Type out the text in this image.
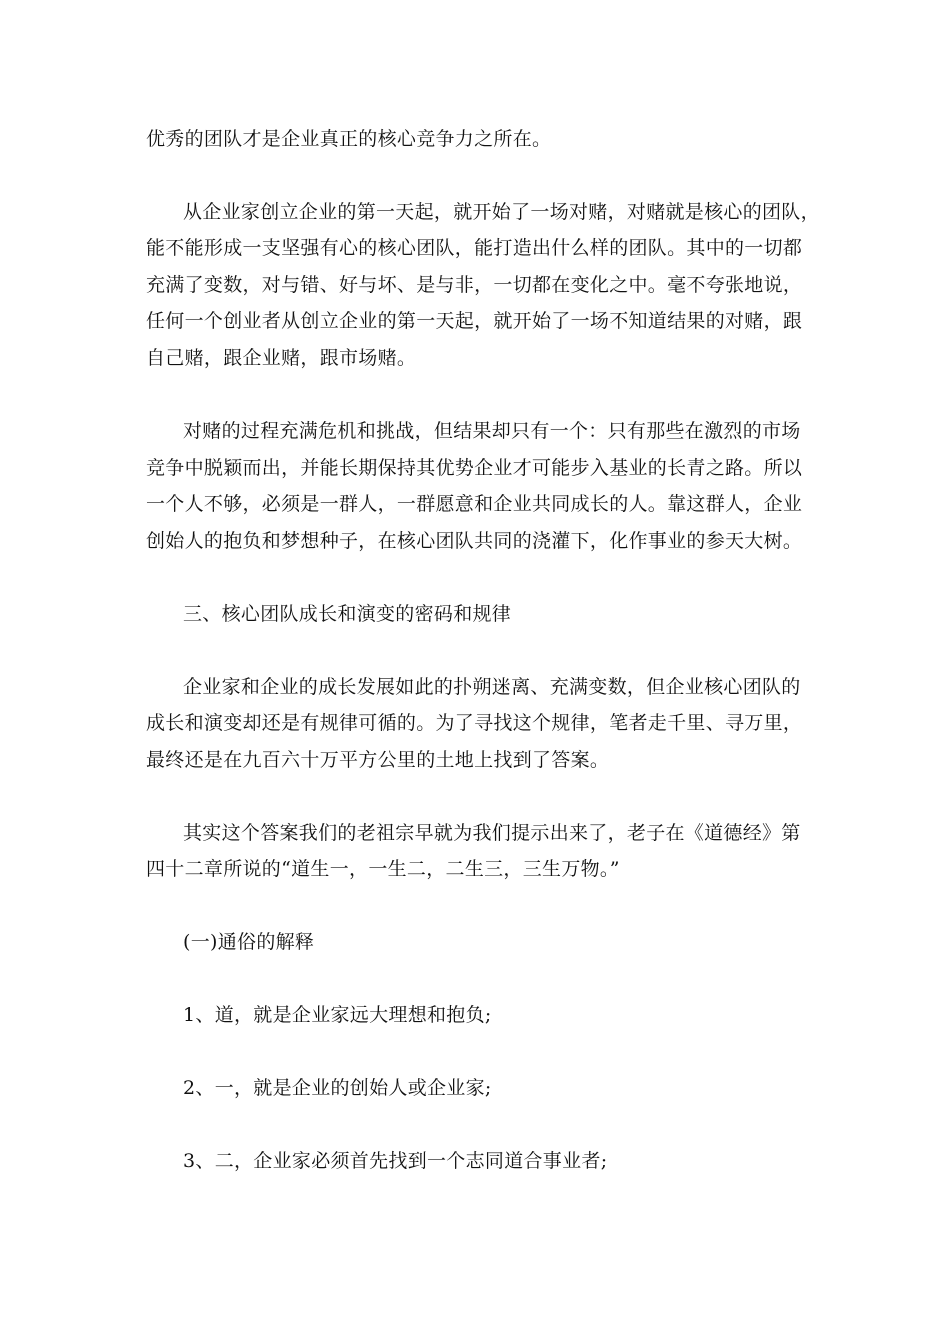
优秀的团队才是企业真正的核心竞争力之所在。
从企业家创立企业的第一天起，就开始了一场对赌，对赌就是核心的团队，
能不能形成一支坚强有心的核心团队，能打造出什么样的团队。其中的一切都
充满了变数，对与错、好与坏、是与非，一切都在变化之中。毫不夸张地说，
任何一个创业者从创立企业的第一天起，就开始了一场不知道结果的对赌，跟
自己赌，跟企业赌，跟市场赌。
对赌的过程充满危机和挑战，但结果却只有一个：只有那些在激烈的市场
竞争中脱颖而出，并能长期保持其优势企业才可能步入基业的长青之路。所以
一个人不够，必须是一群人，一群愿意和企业共同成长的人。靠这群人，企业
创始人的抱负和梦想种子，在核心团队共同的浇灌下，化作事业的参天大树。
三、核心团队成长和演变的密码和规律
企业家和企业的成长发展如此的扑朔迷离、充满变数，但企业核心团队的
成长和演变却还是有规律可循的。为了寻找这个规律，笔者走千里、寻万里，
最终还是在九百六十万平方公里的土地上找到了答案。
其实这个答案我们的老祖宗早就为我们提示出来了，老子在《道德经》第
四十二章所说的“道生一，一生二，二生三，三生万物。”
(一)通俗的解释
1、道，就是企业家远大理想和抱负;
2、一，就是企业的创始人或企业家;
3、二，企业家必须首先找到一个志同道合事业者;
